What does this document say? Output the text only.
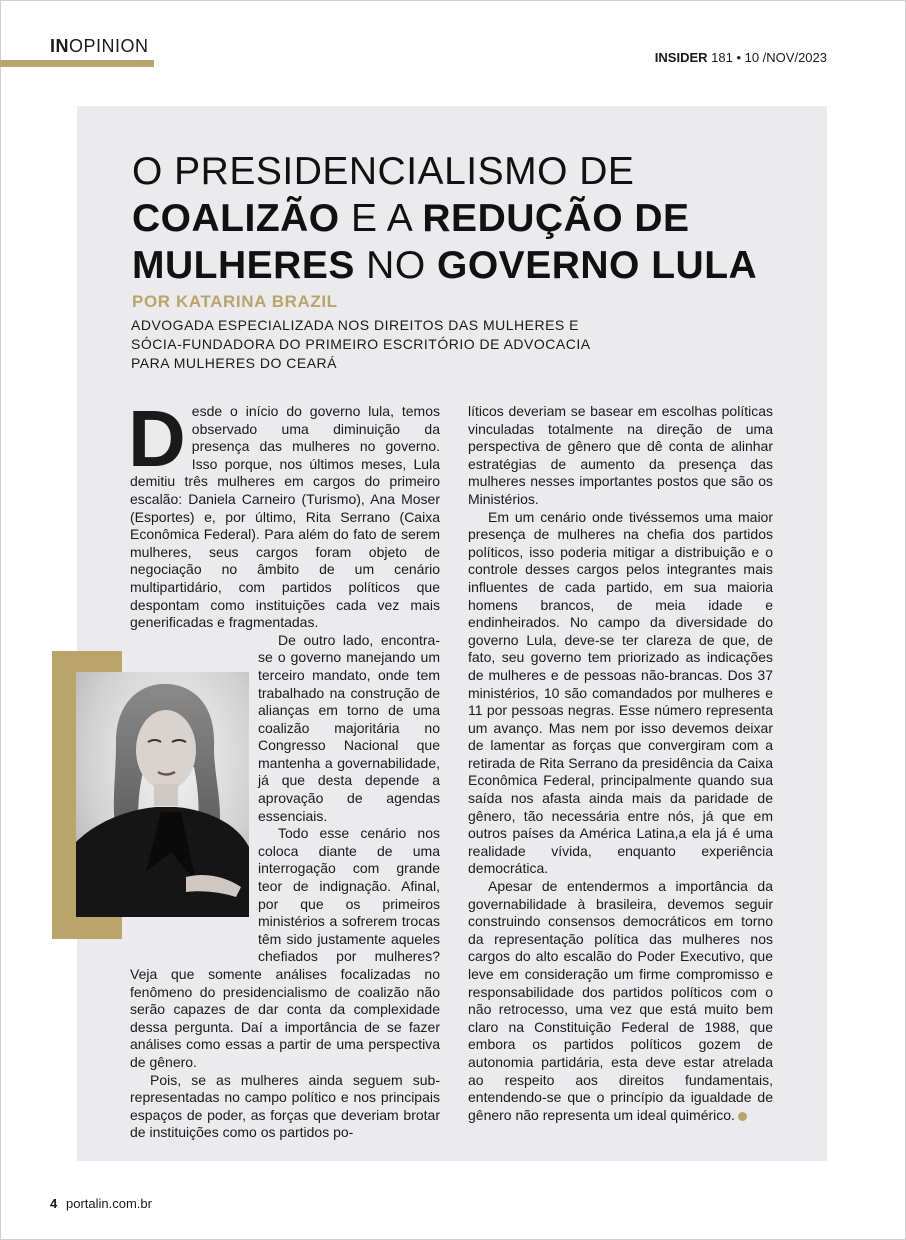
INOPINION
INSIDER 181 • 10 /NOV/2023
O PRESIDENCIALISMO DE
COALIZÃO E A REDUÇÃO DE
MULHERES NO GOVERNO LULA
POR KATARINA BRAZIL
ADVOGADA ESPECIALIZADA NOS DIREITOS DAS MULHERES E SÓCIA-FUNDADORA DO PRIMEIRO ESCRITÓRIO DE ADVOCACIA PARA MULHERES DO CEARÁ
D esde o início do governo lula, temos observado uma diminuição da presença das mulheres no governo. Isso porque, nos últimos meses, Lula demitiu três mulheres em cargos do primeiro escalão: Daniela Carneiro (Turismo), Ana Moser (Esportes) e, por último, Rita Serrano (Caixa Econômica Federal). Para além do fato de serem mulheres, seus cargos foram objeto de negociação no âmbito de um cenário multipartidário, com partidos políticos que despontam como instituições cada vez mais generificadas e fragmentadas.

De outro lado, encontra-se o governo manejando um terceiro mandato, onde tem trabalhado na construção de alianças em torno de uma coalizão majoritária no Congresso Nacional que mantenha a governabilidade, já que desta depende a aprovação de agendas essenciais.

Todo esse cenário nos coloca diante de uma interrogação com grande teor de indignação. Afinal, por que os primeiros ministérios a sofrerem trocas têm sido justamente aqueles chefiados por mulheres? Veja que somente análises focalizadas no fenômeno do presidencialismo de coalizão não serão capazes de dar conta da complexidade dessa pergunta. Daí a importância de se fazer análises como essas a partir de uma perspectiva de gênero.

Pois, se as mulheres ainda seguem sub-representadas no campo político e nos principais espaços de poder, as forças que deveriam brotar de instituições como os partidos po-

líticos deveriam se basear em escolhas políticas vinculadas totalmente na direção de uma perspectiva de gênero que dê conta de alinhar estratégias de aumento da presença das mulheres nesses importantes postos que são os Ministérios.

Em um cenário onde tivéssemos uma maior presença de mulheres na chefia dos partidos políticos, isso poderia mitigar a distribuição e o controle desses cargos pelos integrantes mais influentes de cada partido, em sua maioria homens brancos, de meia idade e endinheirados. No campo da diversidade do governo Lula, deve-se ter clareza de que, de fato, seu governo tem priorizado as indicações de mulheres e de pessoas não-brancas. Dos 37 ministérios, 10 são comandados por mulheres e 11 por pessoas negras. Esse número representa um avanço. Mas nem por isso devemos deixar de lamentar as forças que convergiram com a retirada de Rita Serrano da presidência da Caixa Econômica Federal, principalmente quando sua saída nos afasta ainda mais da paridade de gênero, tão necessária entre nós, já que em outros países da América Latina,a ela já é uma realidade vívida, enquanto experiência democrática.

Apesar de entendermos a importância da governabilidade à brasileira, devemos seguir construindo consensos democráticos em torno da representação política das mulheres nos cargos do alto escalão do Poder Executivo, que leve em consideração um firme compromisso e responsabilidade dos partidos políticos com o não retrocesso, uma vez que está muito bem claro na Constituição Federal de 1988, que embora os partidos políticos gozem de autonomia partidária, esta deve estar atrelada ao respeito aos direitos fundamentais, entendendo-se que o princípio da igualdade de gênero não representa um ideal quimérico.

4 portalin.com.br
